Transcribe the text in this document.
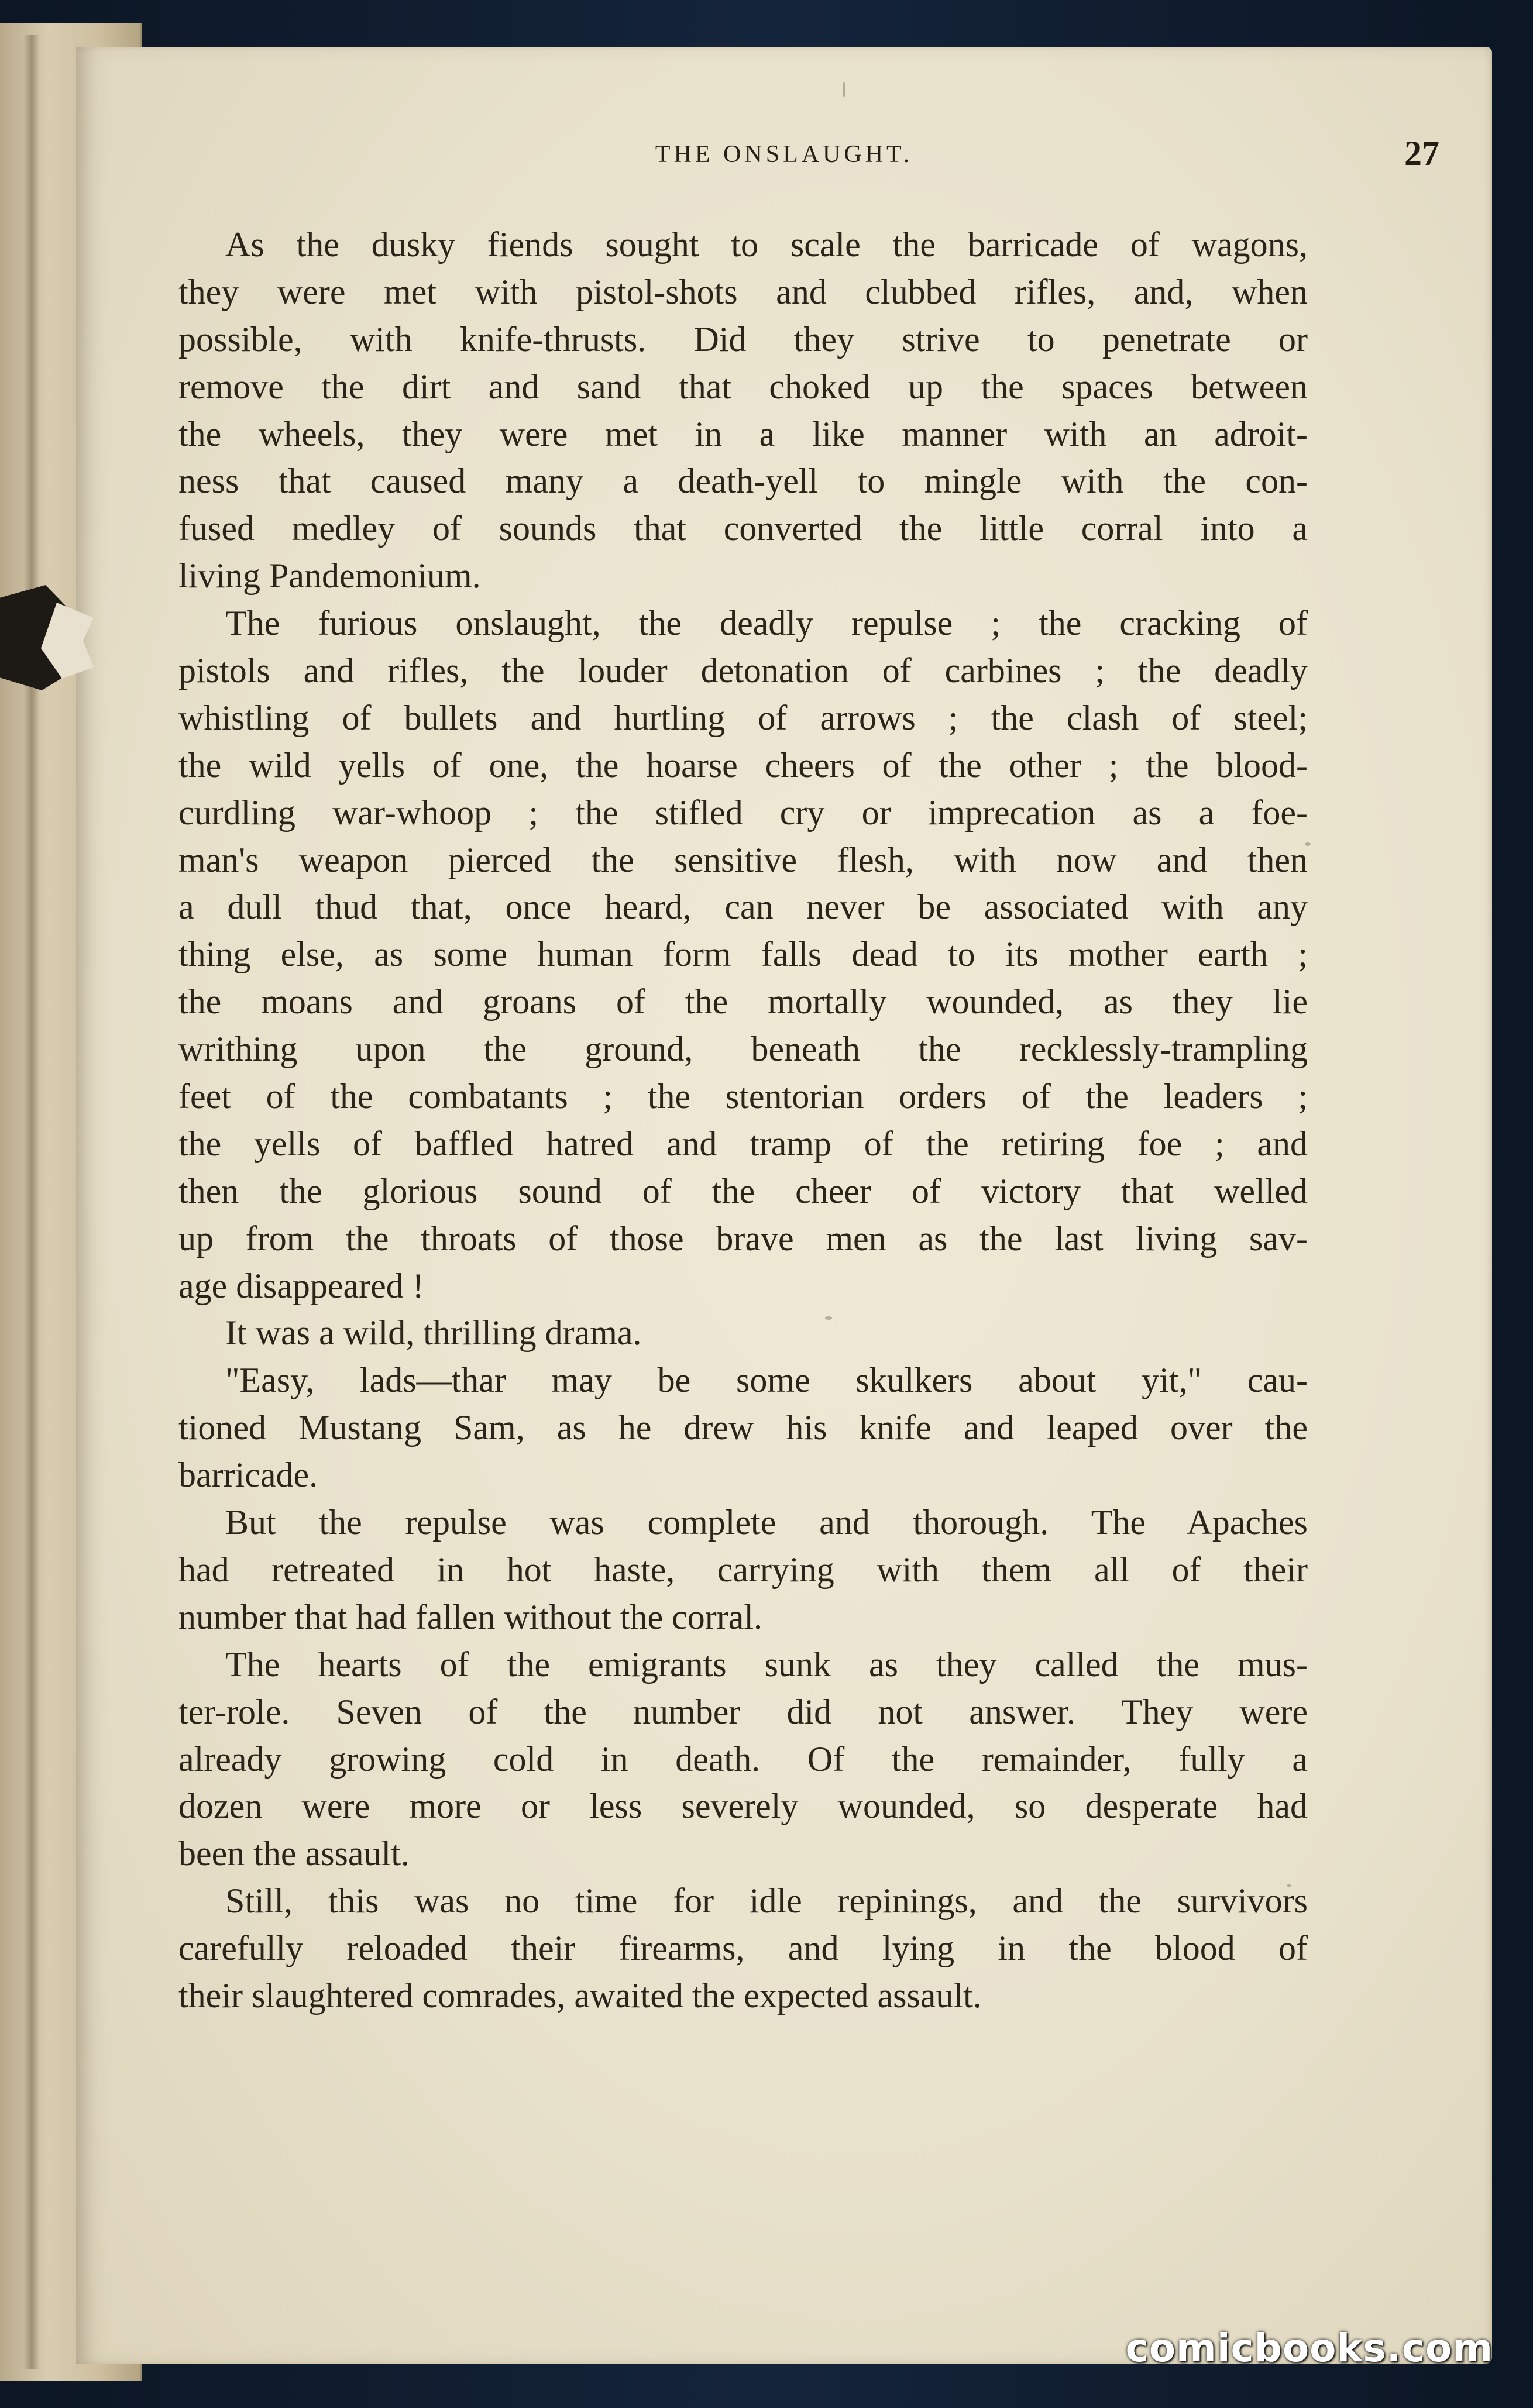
THE ONSLAUGHT.	27
As the dusky fiends sought to scale the barricade of wagons,
they were met with pistol-shots and clubbed rifles, and, when
possible, with knife-thrusts. Did they strive to penetrate or
remove the dirt and sand that choked up the spaces between
the wheels, they were met in a like manner with an adroit-
ness that caused many a death-yell to mingle with the con-
fused medley of sounds that converted the little corral into a
living Pandemonium.
The furious onslaught, the deadly repulse ; the cracking of
pistols and rifles, the louder detonation of carbines ; the deadly
whistling of bullets and hurtling of arrows ; the clash of steel;
the wild yells of one, the hoarse cheers of the other ; the blood-
curdling war-whoop ; the stifled cry or imprecation as a foe-
man's weapon pierced the sensitive flesh, with now and then
a dull thud that, once heard, can never be associated with any
thing else, as some human form falls dead to its mother earth ;
the moans and groans of the mortally wounded, as they lie
writhing upon the ground, beneath the recklessly-trampling
feet of the combatants ; the stentorian orders of the leaders ;
the yells of baffled hatred and tramp of the retiring foe ; and
then the glorious sound of the cheer of victory that welled
up from the throats of those brave men as the last living sav-
age disappeared !
It was a wild, thrilling drama.
"Easy, lads—thar may be some skulkers about yit," cau-
tioned Mustang Sam, as he drew his knife and leaped over the
barricade.
But the repulse was complete and thorough. The Apaches
had retreated in hot haste, carrying with them all of their
number that had fallen without the corral.
The hearts of the emigrants sunk as they called the mus-
ter-role. Seven of the number did not answer. They were
already growing cold in death. Of the remainder, fully a
dozen were more or less severely wounded, so desperate had
been the assault.
Still, this was no time for idle repinings, and the survivors
carefully reloaded their firearms, and lying in the blood of
their slaughtered comrades, awaited the expected assault.
comicbooks.com
